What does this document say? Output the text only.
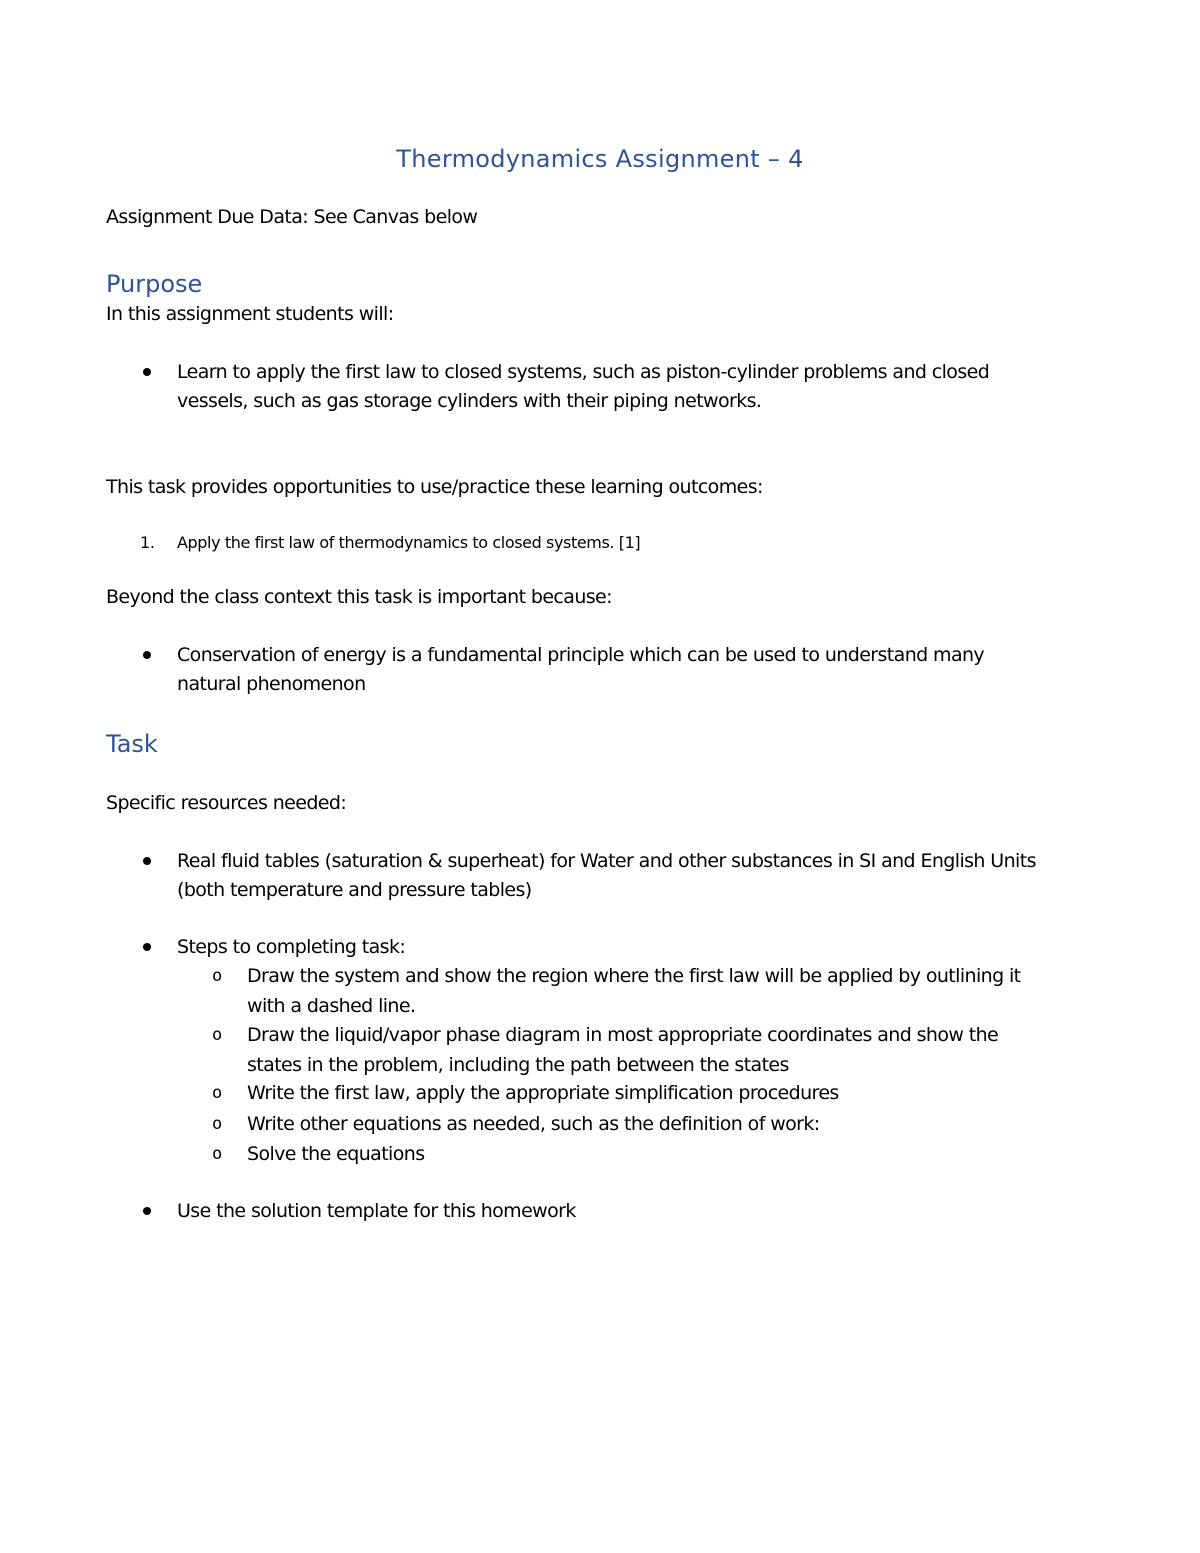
Thermodynamics Assignment – 4
Assignment Due Data: See Canvas below
Purpose
In this assignment students will:
Learn to apply the first law to closed systems, such as piston-cylinder problems and closed
vessels, such as gas storage cylinders with their piping networks.
This task provides opportunities to use/practice these learning outcomes:
1. Apply the first law of thermodynamics to closed systems. [1]
Beyond the class context this task is important because:
Conservation of energy is a fundamental principle which can be used to understand many
natural phenomenon
Task
Specific resources needed:
Real fluid tables (saturation & superheat) for Water and other substances in SI and English Units
(both temperature and pressure tables)
Steps to completing task:
o Draw the system and show the region where the first law will be applied by outlining it
with a dashed line.
o Draw the liquid/vapor phase diagram in most appropriate coordinates and show the
states in the problem, including the path between the states
o Write the first law, apply the appropriate simplification procedures
o Write other equations as needed, such as the definition of work:
o Solve the equations
Use the solution template for this homework
